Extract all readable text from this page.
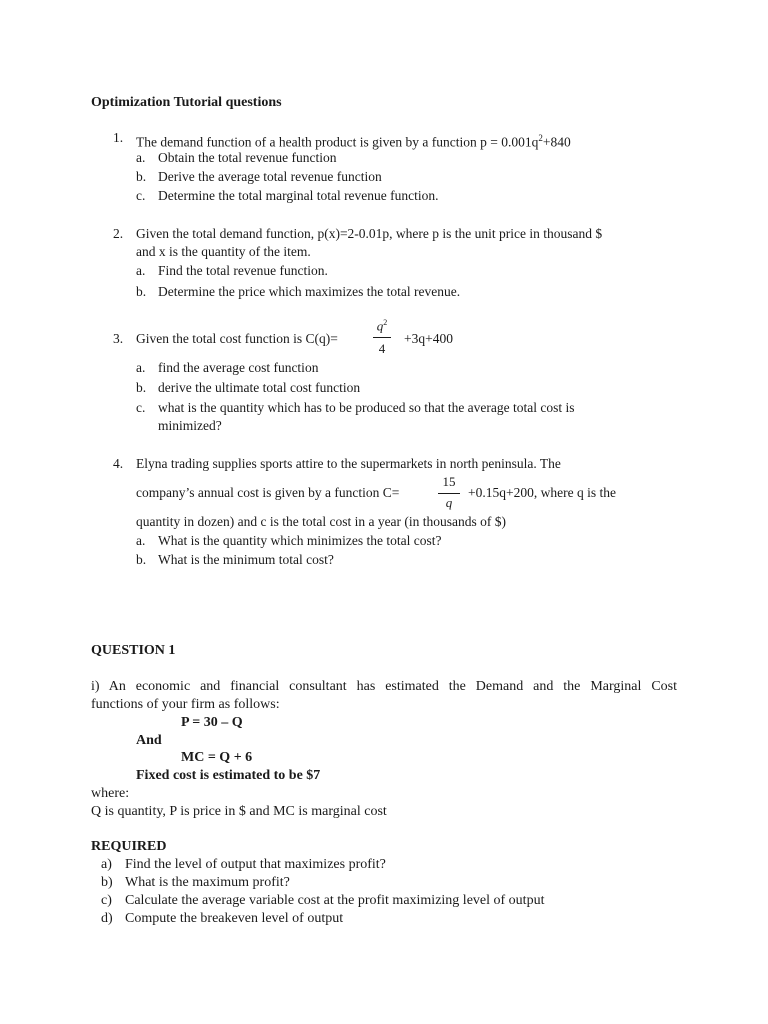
Optimization Tutorial questions
1. The demand function of a health product is given by a function $p = 0.001q^2+840$
a. Obtain the total revenue function
b. Derive the average total revenue function
c. Determine the total marginal total revenue function.
2. Given the total demand function, p(x)=2-0.01p, where p is the unit price in thousand $
and x is the quantity of the item.
a. Find the total revenue function.
b. Determine the price which maximizes the total revenue.
3. Given the total cost function is C(q)=
$q^2$
4
+3q+400
a. find the average cost function
b. derive the ultimate total cost function
c. what is the quantity which has to be produced so that the average total cost is
minimized?
4. Elyna trading supplies sports attire to the supermarkets in north peninsula. The
company’s annual cost is given by a function C=
15
q
+0.15q+200, where q is the
quantity in dozen) and c is the total cost in a year (in thousands of $)
a. What is the quantity which minimizes the total cost?
b. What is the minimum total cost?
QUESTION 1
i) An economic and financial consultant has estimated the Demand and the Marginal Cost
functions of your firm as follows:
P = 30 – Q
And
MC = Q + 6
Fixed cost is estimated to be $7
where:
Q is quantity, P is price in $ and MC is marginal cost
REQUIRED
a) Find the level of output that maximizes profit?
b) What is the maximum profit?
c) Calculate the average variable cost at the profit maximizing level of output
d) Compute the breakeven level of output
